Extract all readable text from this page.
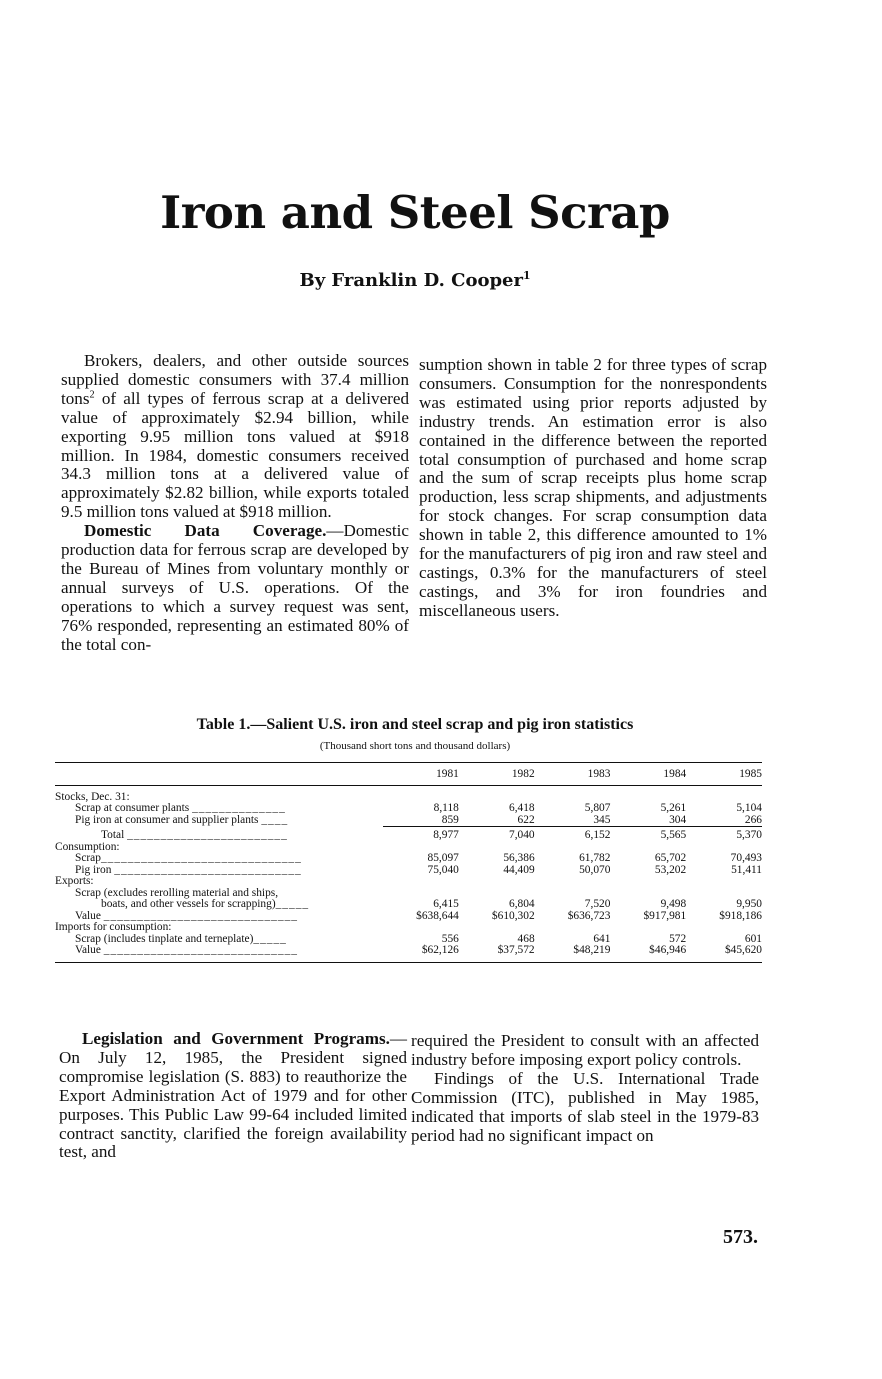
Iron and Steel Scrap
By Franklin D. Cooper$^1$

Brokers, dealers, and other outside sources supplied domestic consumers with 37.4 million tons$^2$ of all types of ferrous scrap at a delivered value of approximately $2.94 billion, while exporting 9.95 million tons valued at $918 million. In 1984, domestic consumers received 34.3 million tons at a delivered value of approximately $2.82 billion, while exports totaled 9.5 million tons valued at $918 million.

Domestic Data Coverage.—Domestic production data for ferrous scrap are developed by the Bureau of Mines from voluntary monthly or annual surveys of U.S. operations. Of the operations to which a survey request was sent, 76% responded, representing an estimated 80% of the total con-

sumption shown in table 2 for three types of scrap consumers. Consumption for the nonrespondents was estimated using prior reports adjusted by industry trends. An estimation error is also contained in the difference between the reported total consumption of purchased and home scrap and the sum of scrap receipts plus home scrap production, less scrap shipments, and adjustments for stock changes. For scrap consumption data shown in table 2, this difference amounted to 1% for the manufacturers of pig iron and raw steel and castings, 0.3% for the manufacturers of steel castings, and 3% for iron foundries and miscellaneous users.

Table 1.—Salient U.S. iron and steel scrap and pig iron statistics
(Thousand short tons and thousand dollars)
	1981	1982	1983	1984	1985
Stocks, Dec. 31:					
Scrap at consumer plants ______________	8,118	6,418	5,807	5,261	5,104
Pig iron at consumer and supplier plants ____	859	622	345	304	266
Total ________________________	8,977	7,040	6,152	5,565	5,370
Consumption:					
Scrap______________________________	85,097	56,386	61,782	65,702	70,493
Pig iron ____________________________	75,040	44,409	50,070	53,202	51,411
Exports:					
Scrap (excludes rerolling material and ships,					
boats, and other vessels for scrapping)_____	6,415	6,804	7,520	9,498	9,950
Value _____________________________	$638,644	$610,302	$636,723	$917,981	$918,186
Imports for consumption:					
Scrap (includes tinplate and terneplate)_____	556	468	641	572	601
Value _____________________________	$62,126	$37,572	$48,219	$46,946	$45,620

Legislation and Government Programs.—On July 12, 1985, the President signed compromise legislation (S. 883) to reauthorize the Export Administration Act of 1979 and for other purposes. This Public Law 99-64 included limited contract sanctity, clarified the foreign availability test, and

required the President to consult with an affected industry before imposing export policy controls.

Findings of the U.S. International Trade Commission (ITC), published in May 1985, indicated that imports of slab steel in the 1979-83 period had no significant impact on

573.
